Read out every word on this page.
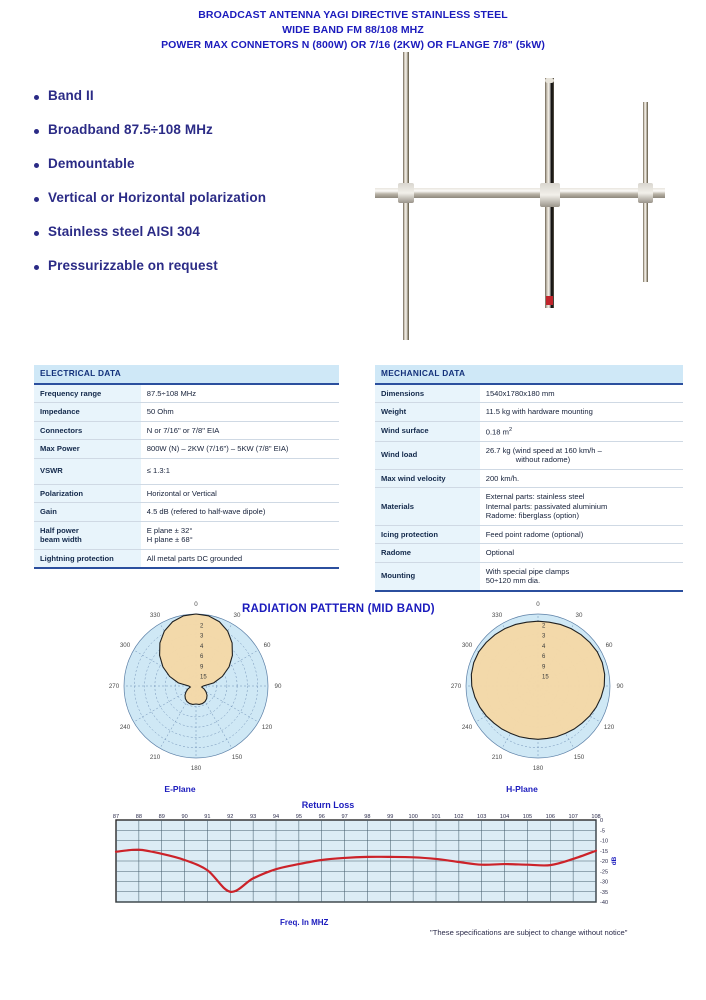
BROADCAST ANTENNA YAGI DIRECTIVE STAINLESS STEEL
WIDE BAND FM 88/108 MHZ
POWER MAX CONNETORS N (800W) OR 7/16 (2KW) OR FLANGE 7/8" (5kW)
Band II
Broadband 87.5÷108 MHz
Demountable
Vertical or Horizontal polarization
Stainless steel AISI 304
Pressurizzable on request
ELECTRICAL DATA	
Frequency range	87.5÷108 MHz
Impedance	50 Ohm
Connectors	N or 7/16" or 7/8" EIA
Max Power	800W (N) – 2KW (7/16") – 5KW (7/8" EIA)
VSWR	≤ 1.3:1
Polarization	Horizontal or Vertical
Gain	4.5 dB (refered to half-wave dipole)
Half power
beam width	E plane ± 32°
H plane ± 68°
Lightning protection	All metal parts DC grounded
MECHANICAL DATA	
Dimensions	1540x1780x180 mm
Weight	11.5 kg with hardware mounting
Wind surface	0.18 $m^2$
Wind load	26.7 kg (wind speed at 160 km/h –
without radome)
Max wind velocity	200 km/h.
Materials	External parts: stainless steel
Internal parts: passivated aluminium
Radome: fiberglass (option)
Icing protection	Feed point radome (optional)
Radome	Optional
Mounting	With special pipe clamps
50÷120 mm dia.
RADIATION PATTERN (MID BAND)
2
3
4
6
9
15
0
30
60
90
120
150
180
210
240
270
300
330
2
3
4
6
9
15
0
30
60
90
120
150
180
210
240
270
300
330
E-Plane	H-Plane
Return Loss
87	88	89	90	91	92	93	94	95	96	97	98	99	100 101 102 103 104 105 106 107 108
0
-5
-10
-15
-20
-25
-30
-35
-40
dB
Freq. In MHZ
"These specifications are subject to change without notice"
